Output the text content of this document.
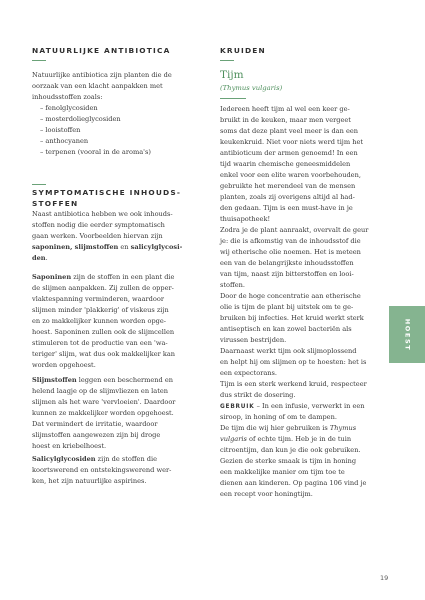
NATUURLIJKE ANTIBIOTICA
Natuurlijke antibiotica zijn planten die de
oorzaak van een klacht aanpakken met
inhoudsstoffen zoals:
– fenolglycosiden
– mosterdolieglycosiden
– looistoffen
– anthocyanen
– terpenen (vooral in de aroma's)
SYMPTOMATISCHE INHOUDS-
STOFFEN
Naast antibiotica hebben we ook inhouds-
stoffen nodig die eerder symptomatisch
gaan werken. Voorbeelden hiervan zijn
saponinen, slijmstoffen en salicylglycosi-
den.
Saponinen zijn de stoffen in een plant die
de slijmen aanpakken. Zij zullen de opper-
vlaktespanning verminderen, waardoor
slijmen minder 'plakkerig' of viskeus zijn
en zo makkelijker kunnen worden opge-
hoest. Saponinen zullen ook de slijmcellen
stimuleren tot de productie van een 'wa-
teriger' slijm, wat dus ook makkelijker kan
worden opgehoest.
Slijmstoffen leggen een beschermend en
helend laagje op de slijmvliezen en laten
slijmen als het ware 'vervloeien'. Daardoor
kunnen ze makkelijker worden opgehoest.
Dat vermindert de irritatie, waardoor
slijmstoffen aangewezen zijn bij droge
hoest en kriebelhoest.
Salicylglycosiden zijn de stoffen die
koortswerend en ontstekingswerend wer-
ken, het zijn natuurlijke aspirines.
KRUIDEN
Tijm
(Thymus vulgaris)
Iedereen heeft tijm al wel een keer ge-
bruikt in de keuken, maar men vergeet
soms dat deze plant veel meer is dan een
keukenkruid. Niet voor niets werd tijm het
antibioticum der armen genoemd! In een
tijd waarin chemische geneesmiddelen
enkel voor een elite waren voorbehouden,
gebruikte het merendeel van de mensen
planten, zoals zij overigens altijd al had-
den gedaan. Tijm is een must-have in je
thuisapotheek!
Zodra je de plant aanraakt, overvalt de geur
je: die is afkomstig van de inhoudsstof die
wij etherische olie noemen. Het is meteen
een van de belangrijkste inhoudsstoffen
van tijm, naast zijn bitterstoffen en looi-
stoffen.
Door de hoge concentratie aan etherische
olie is tijm de plant bij uitstek om te ge-
bruiken bij infecties. Het kruid werkt sterk
antiseptisch en kan zowel bacteriën als
virussen bestrijden.
Daarnaast werkt tijm ook slijmoplossend
en helpt hij om slijmen op te hoesten: het is
een expectorans.
Tijm is een sterk werkend kruid, respecteer
dus strikt de dosering.
GEBRUIK – In een infusie, verwerkt in een
siroop, in honing of om te dampen.
De tijm die wij hier gebruiken is Thymus
vulgaris of echte tijm. Heb je in de tuin
citroentijm, dan kun je die ook gebruiken.
Gezien de sterke smaak is tijm in honing
een makkelijke manier om tijm toe te
dienen aan kinderen. Op pagina 106 vind je
een recept voor honingtijm.
HOEST
19
